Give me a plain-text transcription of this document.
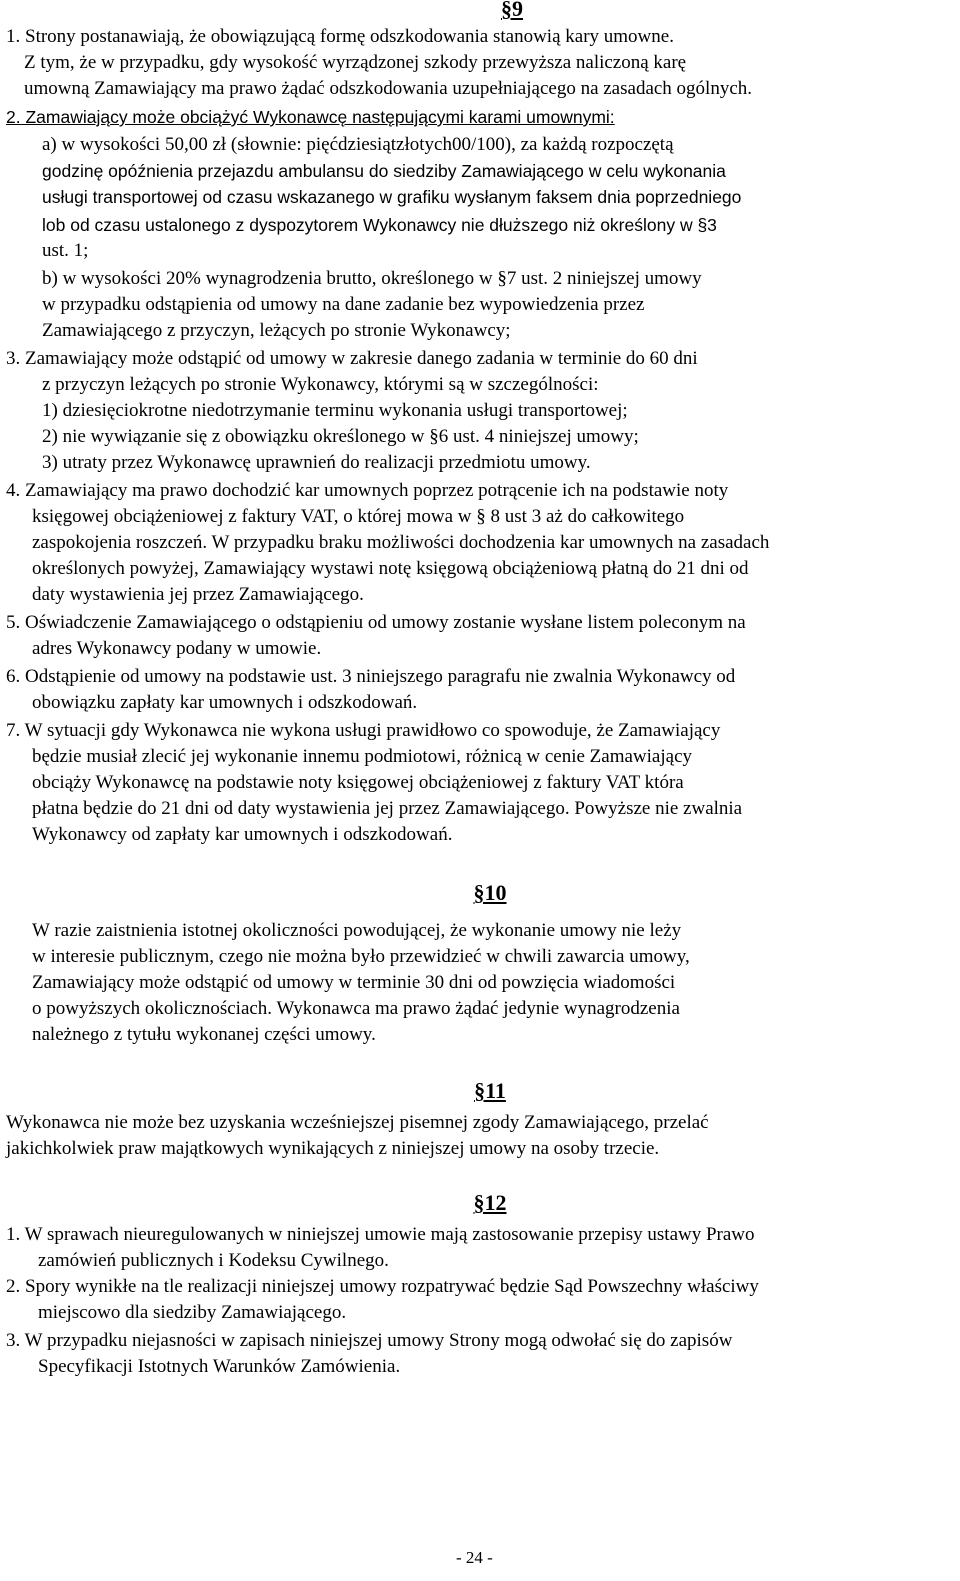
§9
1. Strony postanawiają, że obowiązującą formę odszkodowania stanowią kary umowne.
Z tym, że w przypadku, gdy wysokość wyrządzonej szkody przewyższa naliczoną karę
umowną Zamawiający ma prawo żądać odszkodowania uzupełniającego na zasadach ogólnych.
2. Zamawiający może obciążyć Wykonawcę następującymi karami umownymi:
a) w wysokości 50,00 zł (słownie: pięćdziesiątzłotych00/100), za każdą rozpoczętą
godzinę opóźnienia przejazdu ambulansu do siedziby Zamawiającego w celu wykonania
usługi transportowej od czasu wskazanego w grafiku wysłanym faksem dnia poprzedniego
lob od czasu ustalonego z dyspozytorem Wykonawcy nie dłuższego niż określony w §3
ust. 1;
b) w wysokości 20% wynagrodzenia brutto, określonego w §7 ust. 2 niniejszej umowy
w przypadku odstąpienia od umowy na dane zadanie bez wypowiedzenia przez
Zamawiającego z przyczyn, leżących po stronie Wykonawcy;
3. Zamawiający może odstąpić od umowy w zakresie danego zadania w terminie do 60 dni
z przyczyn leżących po stronie Wykonawcy, którymi są w szczególności:
1) dziesięciokrotne niedotrzymanie terminu wykonania usługi transportowej;
2) nie wywiązanie się z obowiązku określonego w §6 ust. 4 niniejszej umowy;
3) utraty przez Wykonawcę uprawnień do realizacji przedmiotu umowy.
4. Zamawiający ma prawo dochodzić kar umownych poprzez potrącenie ich na podstawie noty
księgowej obciążeniowej z faktury VAT, o której mowa w § 8 ust 3 aż do całkowitego
zaspokojenia roszczeń. W przypadku braku możliwości dochodzenia kar umownych na zasadach
określonych powyżej, Zamawiający wystawi notę księgową obciążeniową płatną do 21 dni od
daty wystawienia jej przez Zamawiającego.
5. Oświadczenie Zamawiającego o odstąpieniu od umowy zostanie wysłane listem poleconym na
adres Wykonawcy podany w umowie.
6. Odstąpienie od umowy na podstawie ust. 3 niniejszego paragrafu nie zwalnia Wykonawcy od
obowiązku zapłaty kar umownych i odszkodowań.
7. W sytuacji gdy Wykonawca nie wykona usługi prawidłowo co spowoduje, że Zamawiający
będzie musiał zlecić jej wykonanie innemu podmiotowi, różnicą w cenie Zamawiający
obciąży Wykonawcę na podstawie noty księgowej obciążeniowej z faktury VAT która
płatna będzie do 21 dni od daty wystawienia jej przez Zamawiającego. Powyższe nie zwalnia
Wykonawcy od zapłaty kar umownych i odszkodowań.
§10
W razie zaistnienia istotnej okoliczności powodującej, że wykonanie umowy nie leży
w interesie publicznym, czego nie można było przewidzieć w chwili zawarcia umowy,
Zamawiający może odstąpić od umowy w terminie 30 dni od powzięcia wiadomości
o powyższych okolicznościach. Wykonawca ma prawo żądać jedynie wynagrodzenia
należnego z tytułu wykonanej części umowy.
§11
Wykonawca nie może bez uzyskania wcześniejszej pisemnej zgody Zamawiającego, przelać
jakichkolwiek praw majątkowych wynikających z niniejszej umowy na osoby trzecie.
§12
1. W sprawach nieuregulowanych w niniejszej umowie mają zastosowanie przepisy ustawy Prawo
zamówień publicznych i Kodeksu Cywilnego.
2. Spory wynikłe na tle realizacji niniejszej umowy rozpatrywać będzie Sąd Powszechny właściwy
miejscowo dla siedziby Zamawiającego.
3. W przypadku niejasności w zapisach niniejszej umowy Strony mogą odwołać się do zapisów
Specyfikacji Istotnych Warunków Zamówienia.
- 24 -
